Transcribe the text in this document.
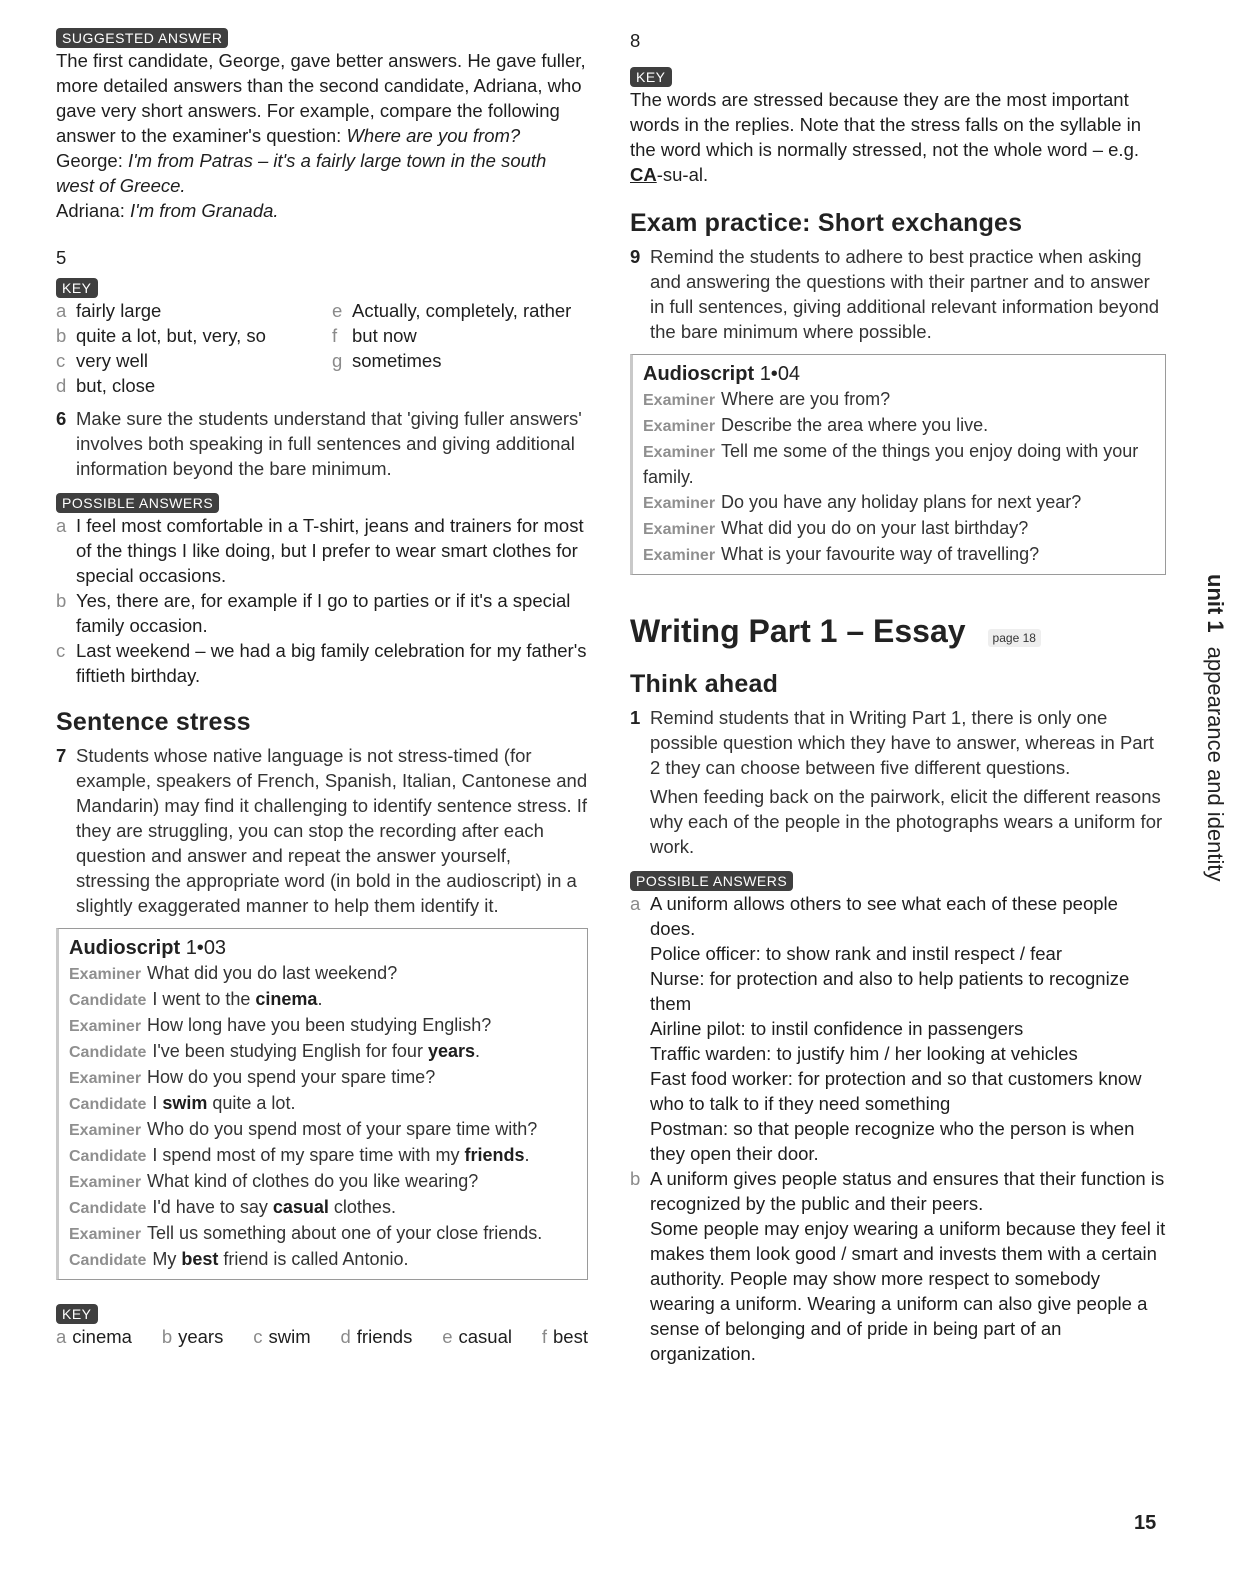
SUGGESTED ANSWER

The first candidate, George, gave better answers. He gave fuller, more detailed answers than the second candidate, Adriana, who gave very short answers. For example, compare the following answer to the examiner's question: Where are you from?
George: I'm from Patras – it's a fairly large town in the south west of Greece.
Adriana: I'm from Granada.

5

KEY
a fairly large	e Actually, completely, rather
b quite a lot, but, very, so	f but now
c very well	g sometimes
d but, close
6 Make sure the students understand that 'giving fuller answers' involves both speaking in full sentences and giving additional information beyond the bare minimum.
POSSIBLE ANSWERS
a I feel most comfortable in a T-shirt, jeans and trainers for most of the things I like doing, but I prefer to wear smart clothes for special occasions.
b Yes, there are, for example if I go to parties or if it's a special family occasion.
c Last weekend – we had a big family celebration for my father's fiftieth birthday.
Sentence stress
7 Students whose native language is not stress-timed (for example, speakers of French, Spanish, Italian, Cantonese and Mandarin) may find it challenging to identify sentence stress. If they are struggling, you can stop the recording after each question and answer and repeat the answer yourself, stressing the appropriate word (in bold in the audioscript) in a slightly exaggerated manner to help them identify it.
Audioscript 1•03
Examiner What did you do last weekend?
Candidate I went to the cinema.
Examiner How long have you been studying English?
Candidate I've been studying English for four years.
Examiner How do you spend your spare time?
Candidate I swim quite a lot.
Examiner Who do you spend most of your spare time with?
Candidate I spend most of my spare time with my friends.
Examiner What kind of clothes do you like wearing?
Candidate I'd have to say casual clothes.
Examiner Tell us something about one of your close friends.
Candidate My best friend is called Antonio.
KEY
a cinema b years c swim d friends e casual f best

8

KEY

The words are stressed because they are the most important words in the replies. Note that the stress falls on the syllable in the word which is normally stressed, not the whole word – e.g. CA-su-al.

Exam practice: Short exchanges
9 Remind the students to adhere to best practice when asking and answering the questions with their partner and to answer in full sentences, giving additional relevant information beyond the bare minimum where possible.
Audioscript 1•04
Examiner Where are you from?
Examiner Describe the area where you live.
Examiner Tell me some of the things you enjoy doing with your family.
Examiner Do you have any holiday plans for next year?
Examiner What did you do on your last birthday?
Examiner What is your favourite way of travelling?
Writing Part 1 – Essay	page 18
Think ahead
1 Remind students that in Writing Part 1, there is only one possible question which they have to answer, whereas in Part 2 they can choose between five different questions.

When feeding back on the pairwork, elicit the different reasons why each of the people in the photographs wears a uniform for work.
POSSIBLE ANSWERS
a A uniform allows others to see what each of these people does.
Police officer: to show rank and instil respect / fear
Nurse: for protection and also to help patients to recognize them
Airline pilot: to instil confidence in passengers
Traffic warden: to justify him / her looking at vehicles
Fast food worker: for protection and so that customers know who to talk to if they need something
Postman: so that people recognize who the person is when they open their door.
b A uniform gives people status and ensures that their function is recognized by the public and their peers.
Some people may enjoy wearing a uniform because they feel it makes them look good / smart and invests them with a certain authority. People may show more respect to somebody wearing a uniform. Wearing a uniform can also give people a sense of belonging and of pride in being part of an organization.
unit 1appearance and identity
15
